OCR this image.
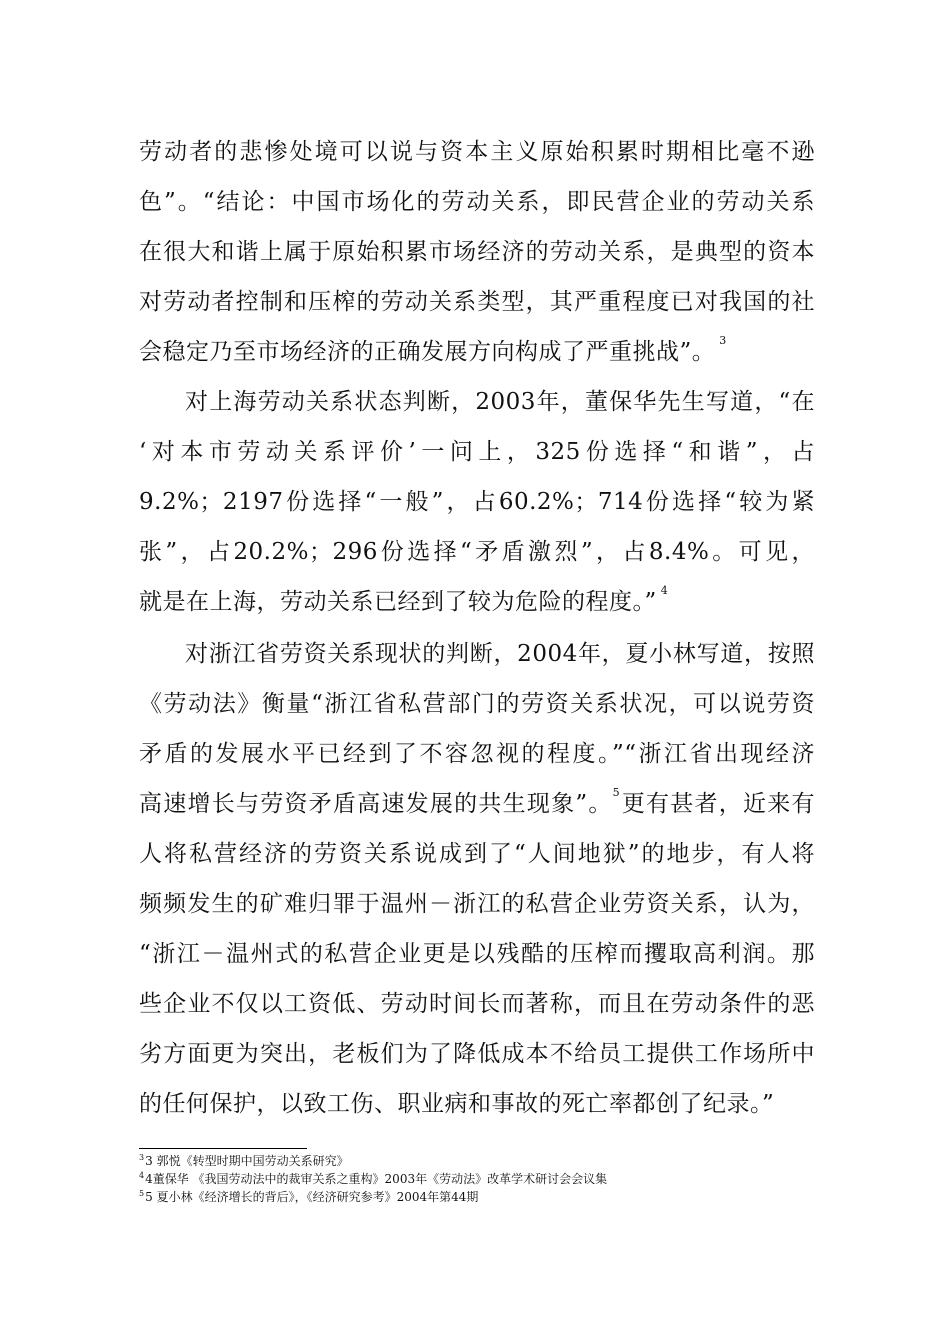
劳动者的悲惨处境可以说与资本主义原始积累时期相比毫不逊
色”。“结论：中国市场化的劳动关系，即民营企业的劳动关系
在很大和谐上属于原始积累市场经济的劳动关系，是典型的资本
对劳动者控制和压榨的劳动关系类型，其严重程度已对我国的社
会稳定乃至市场经济的正确发展方向构成了严重挑战”。 $^3$
对上海劳动关系状态判断，2003年，董保华先生写道，“在
‘对本市劳动关系评价’一问上，325份选择“和谐”，占
9.2%；2197份选择“一般”，占60.2%；714份选择“较为紧
张”，占20.2%；296份选择“矛盾激烈”，占8.4%。可见，
就是在上海，劳动关系已经到了较为危险的程度。” $^4$
对浙江省劳资关系现状的判断，2004年，夏小林写道，按照
《劳动法》衡量“浙江省私营部门的劳资关系状况，可以说劳资
矛盾的发展水平已经到了不容忽视的程度。”“浙江省出现经济
高速增长与劳资矛盾高速发展的共生现象”。$^5$更有甚者，近来有
人将私营经济的劳资关系说成到了“人间地狱”的地步，有人将
频频发生的矿难归罪于温州－浙江的私营企业劳资关系，认为，
“浙江－温州式的私营企业更是以残酷的压榨而攫取高利润。那
些企业不仅以工资低、劳动时间长而著称，而且在劳动条件的恶
劣方面更为突出，老板们为了降低成本不给员工提供工作场所中
的任何保护，以致工伤、职业病和事故的死亡率都创了纪录。”
$^3$3 郭悦《转型时期中国劳动关系研究》
$^4$4董保华 《我国劳动法中的裁审关系之重构》2003年《劳动法》改革学术研讨会会议集
$^5$5 夏小林《经济增长的背后》，《经济研究参考》2004年第44期
